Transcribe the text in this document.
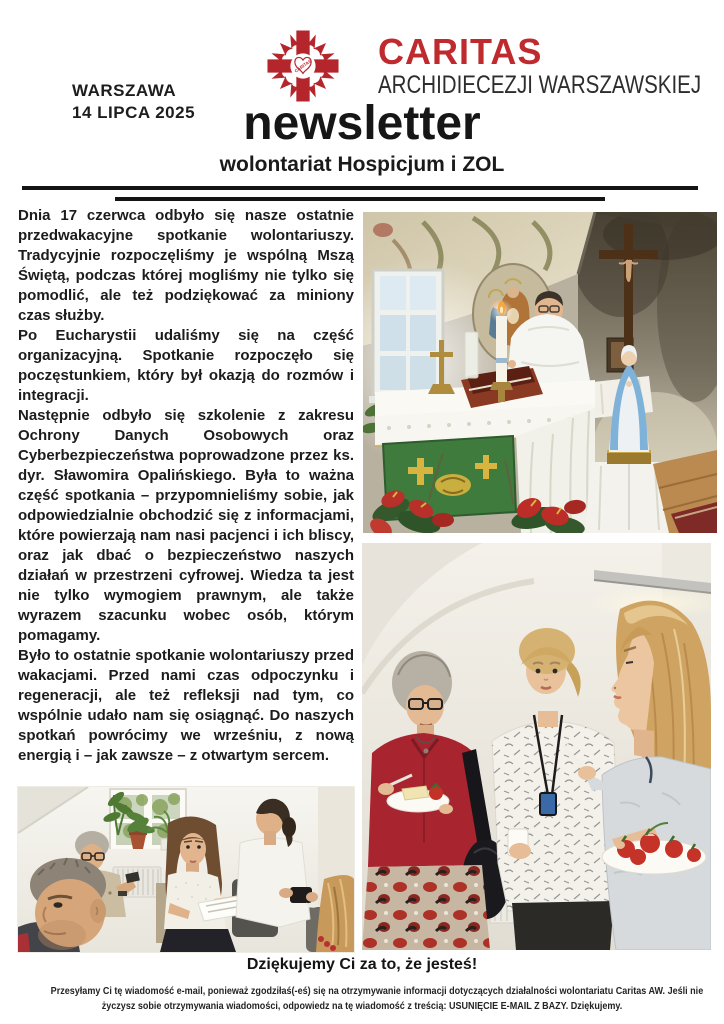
WARSZAWA
14 LIPCA 2025
CARITAS CARITAS
ARCHIDIECEZJI WARSZAWSKIEJ
newsletter
wolontariat Hospicjum i ZOL

Dnia 17 czerwca odbyło się nasze ostatnie przedwakacyjne spotkanie wolontariuszy. Tradycyjnie rozpoczęliśmy je wspólną Mszą Świętą, podczas której mogliśmy nie tylko się pomodlić, ale też podziękować za miniony czas służby.

Po Eucharystii udaliśmy się na część organizacyjną. Spotkanie rozpoczęło się poczęstunkiem, który był okazją do rozmów i integracji.

Następnie odbyło się szkolenie z zakresu Ochrony Danych Osobowych oraz Cyberbezpieczeństwa poprowadzone przez ks. dyr. Sławomira Opalińskiego. Była to ważna część spotkania – przypomnieliśmy sobie, jak odpowiedzialnie obchodzić się z informacjami, które powierzają nam nasi pacjenci i ich bliscy, oraz jak dbać o bezpieczeństwo naszych działań w przestrzeni cyfrowej. Wiedza ta jest nie tylko wymogiem prawnym, ale także wyrazem szacunku wobec osób, którym pomagamy.

Było to ostatnie spotkanie wolontariuszy przed wakacjami. Przed nami czas odpoczynku i regeneracji, ale też refleksji nad tym, co wspólnie udało nam się osiągnąć. Do naszych spotkań powrócimy we wrześniu, z nową energią i – jak zawsze – z otwartym sercem.

Dziękujemy Ci za to, że jesteś!
Przesyłamy Ci tę wiadomość e-mail, ponieważ zgodziłaś(-eś) się na otrzymywanie informacji dotyczących działalności wolontariatu Caritas AW. Jeśli nie
życzysz sobie otrzymywania wiadomości, odpowiedz na tę wiadomość z treścią: USUNIĘCIE E-MAIL Z BAZY. Dziękujemy.
